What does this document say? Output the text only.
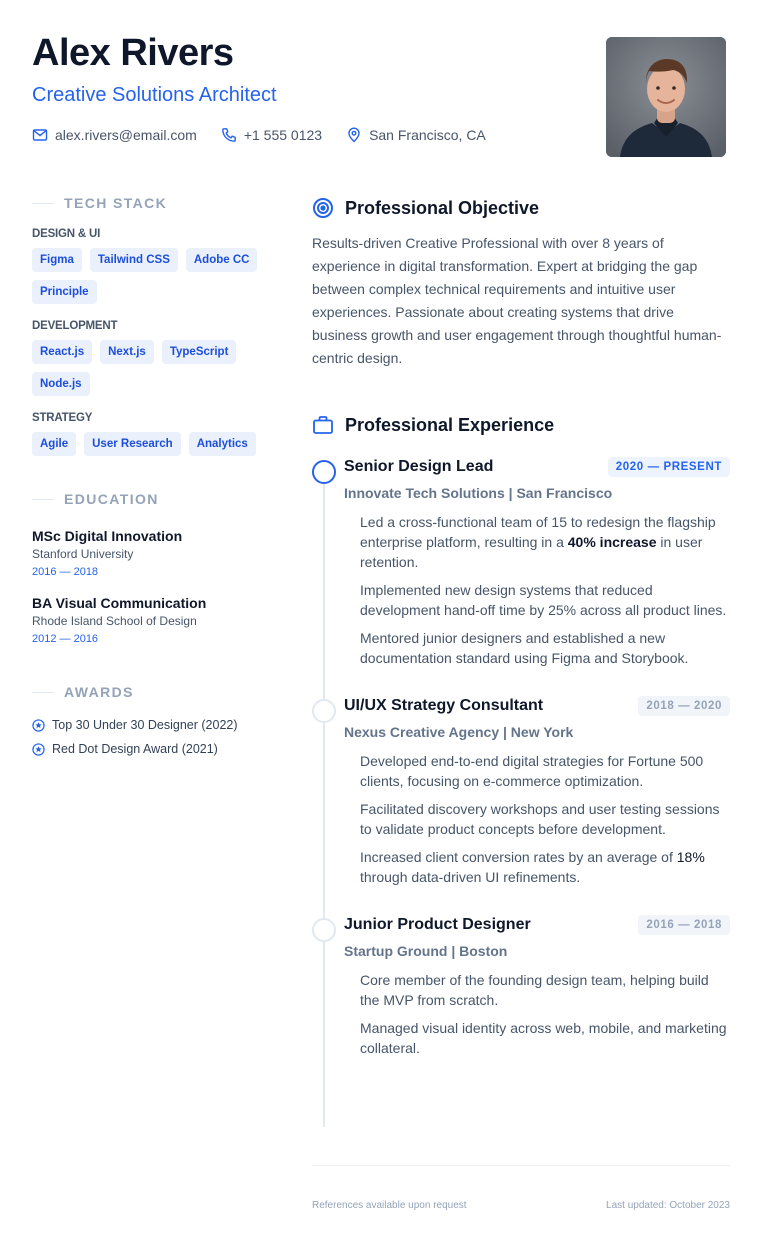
Alex Rivers
Creative Solutions Architect
alex.rivers@email.com	+1 555 0123	San Francisco, CA
TECH STACK
DESIGN & UI
Figma	Tailwind CSS	Adobe CC
Principle
DEVELOPMENT
React.js	Next.js	TypeScript
Node.js
STRATEGY
Agile	User Research	Analytics
EDUCATION
MSc Digital Innovation
Stanford University
2016 — 2018
BA Visual Communication
Rhode Island School of Design
2012 — 2016
AWARDS
Top 30 Under 30 Designer (2022)
Red Dot Design Award (2021)
Professional Objective

Results-driven Creative Professional with over 8 years of experience in digital transformation. Expert at bridging the gap between complex technical requirements and intuitive user experiences. Passionate about creating systems that drive business growth and user engagement through thoughtful human-centric design.

Professional Experience
Senior Design Lead	2020 — PRESENT
Innovate Tech Solutions | San Francisco

Led a cross-functional team of 15 to redesign the flagship enterprise platform, resulting in a 40% increase in user retention.

Implemented new design systems that reduced development hand-off time by 25% across all product lines.

Mentored junior designers and established a new documentation standard using Figma and Storybook.

UI/UX Strategy Consultant	2018 — 2020
Nexus Creative Agency | New York

Developed end-to-end digital strategies for Fortune 500 clients, focusing on e-commerce optimization.

Facilitated discovery workshops and user testing sessions to validate product concepts before development.

Increased client conversion rates by an average of 18% through data-driven UI refinements.

Junior Product Designer	2016 — 2018
Startup Ground | Boston

Core member of the founding design team, helping build the MVP from scratch.

Managed visual identity across web, mobile, and marketing collateral.

References available upon request	Last updated: October 2023
